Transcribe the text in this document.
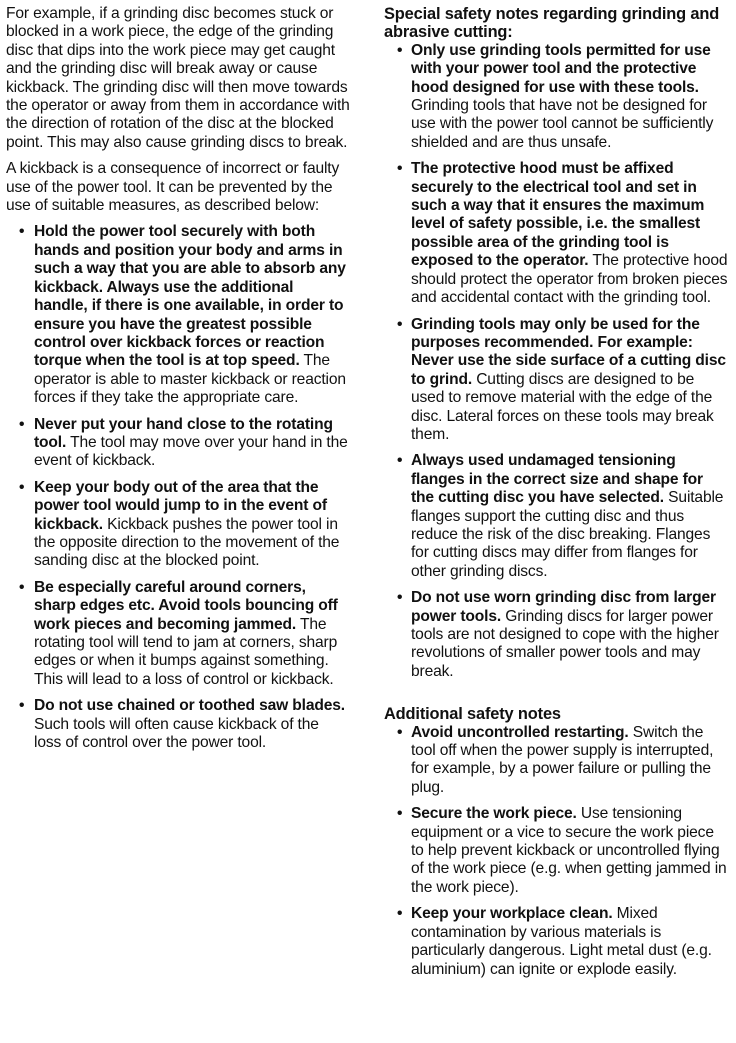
For example, if a grinding disc becomes stuck or blocked in a work piece, the edge of the grinding disc that dips into the work piece may get caught and the grinding disc will break away or cause kickback. The grinding disc will then move towards the operator or away from them in accordance with the direction of rotation of the disc at the blocked point. This may also cause grinding discs to break.

A kickback is a consequence of incorrect or faulty use of the power tool. It can be prevented by the use of suitable measures, as described below:

• Hold the power tool securely with both hands and position your body and arms in such a way that you are able to absorb any kickback. Always use the additional handle, if there is one available, in order to ensure you have the greatest possible control over kickback forces or reaction torque when the tool is at top speed. The operator is able to master kickback or reaction forces if they take the appropriate care.
• Never put your hand close to the rotating tool. The tool may move over your hand in the event of kickback.
• Keep your body out of the area that the power tool would jump to in the event of kickback. Kickback pushes the power tool in the opposite direction to the movement of the sanding disc at the blocked point.
• Be especially careful around corners, sharp edges etc. Avoid tools bouncing off work pieces and becoming jammed. The rotating tool will tend to jam at corners, sharp edges or when it bumps against something. This will lead to a loss of control or kickback.
• Do not use chained or toothed saw blades. Such tools will often cause kickback of the loss of control over the power tool.
Special safety notes regarding grinding and abrasive cutting:
• Only use grinding tools permitted for use with your power tool and the protective hood designed for use with these tools. Grinding tools that have not be designed for use with the power tool cannot be sufficiently shielded and are thus unsafe.
• The protective hood must be affixed securely to the electrical tool and set in such a way that it ensures the maximum level of safety possible, i.e. the smallest possible area of the grinding tool is exposed to the operator. The protective hood should protect the operator from broken pieces and accidental contact with the grinding tool.
• Grinding tools may only be used for the purposes recommended. For example: Never use the side surface of a cutting disc to grind. Cutting discs are designed to be used to remove material with the edge of the disc. Lateral forces on these tools may break them.
• Always used undamaged tensioning flanges in the correct size and shape for the cutting disc you have selected. Suitable flanges support the cutting disc and thus reduce the risk of the disc breaking. Flanges for cutting discs may differ from flanges for other grinding discs.
• Do not use worn grinding disc from larger power tools. Grinding discs for larger power tools are not designed to cope with the higher revolutions of smaller power tools and may break.
Additional safety notes
• Avoid uncontrolled restarting. Switch the tool off when the power supply is interrupted, for example, by a power failure or pulling the plug.
• Secure the work piece. Use tensioning equipment or a vice to secure the work piece to help prevent kickback or uncontrolled flying of the work piece (e.g. when getting jammed in the work piece).
• Keep your workplace clean. Mixed contamination by various materials is particularly dangerous. Light metal dust (e.g. aluminium) can ignite or explode easily.
